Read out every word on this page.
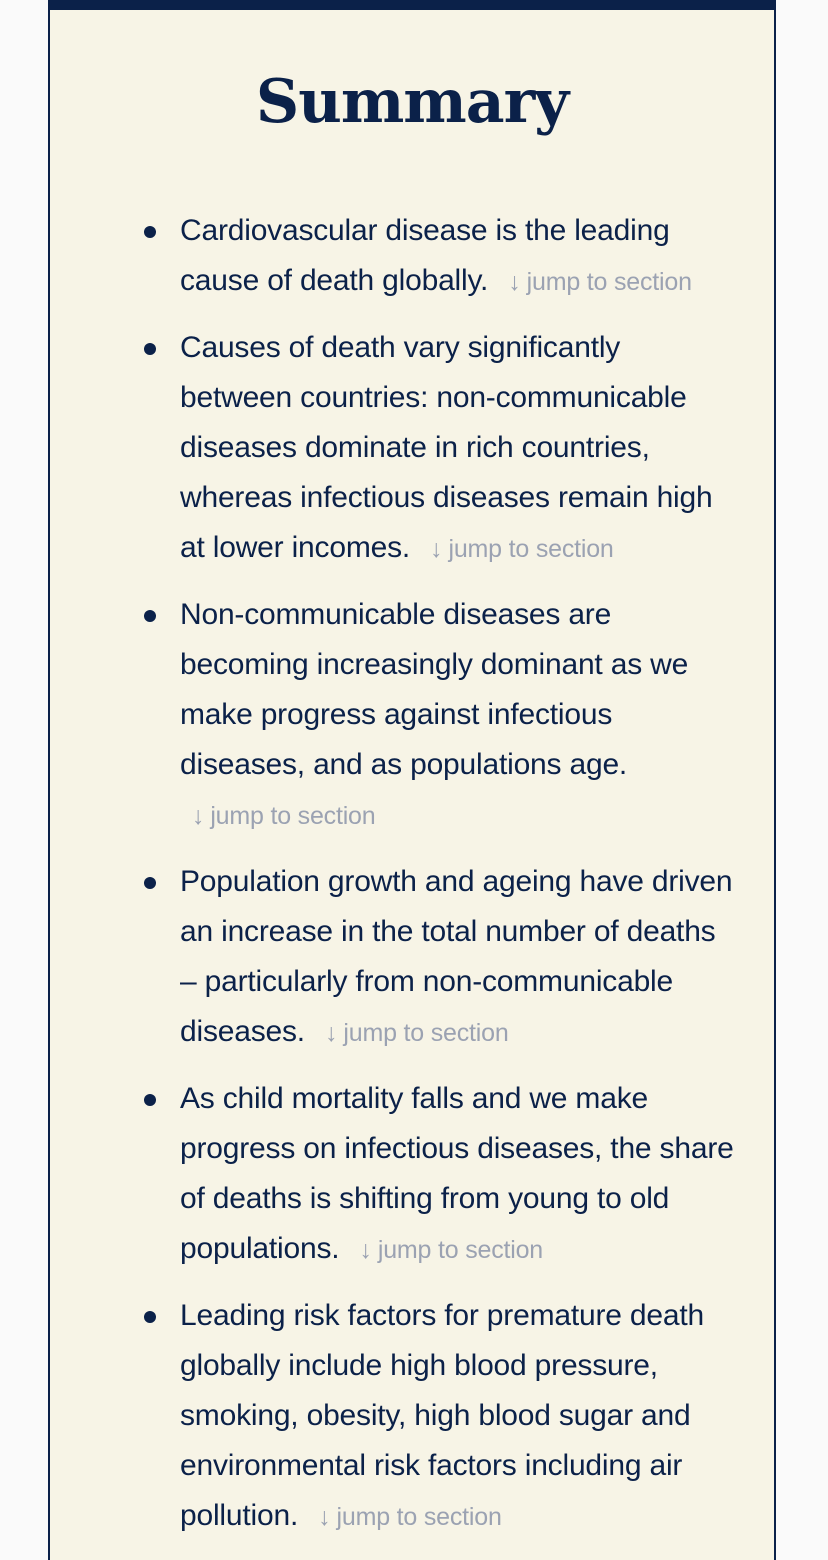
Summary
Cardiovascular disease is the leading cause of death globally. ↓ jump to section
Causes of death vary significantly between countries: non-communicable diseases dominate in rich countries, whereas infectious diseases remain high at lower incomes. ↓ jump to section
Non-communicable diseases are becoming increasingly dominant as we make progress against infectious diseases, and as populations age. ↓ jump to section
Population growth and ageing have driven an increase in the total number of deaths – particularly from non-communicable diseases. ↓ jump to section
As child mortality falls and we make progress on infectious diseases, the share of deaths is shifting from young to old populations. ↓ jump to section
Leading risk factors for premature death globally include high blood pressure, smoking, obesity, high blood sugar and environmental risk factors including air pollution. ↓ jump to section
